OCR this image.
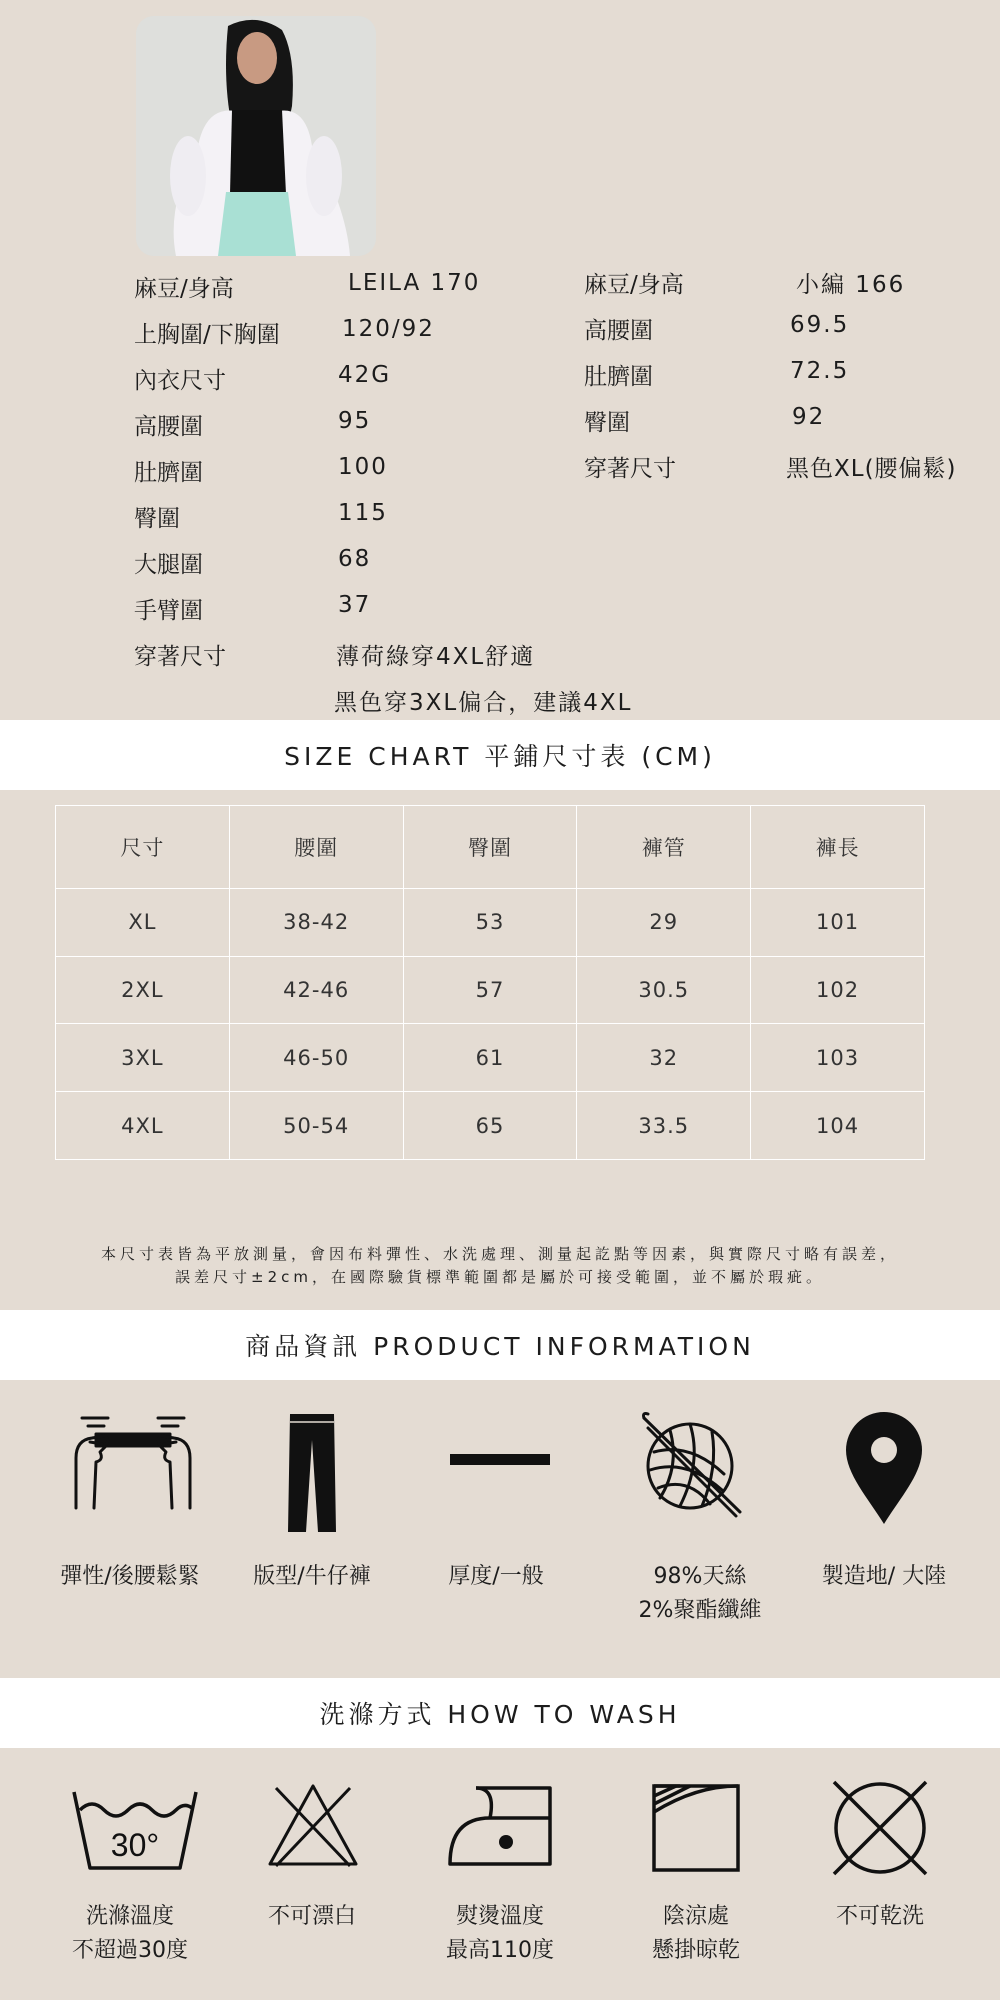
麻豆/身高	LEILA 170
上胸圍/下胸圍	120/92
內衣尺寸	42G
高腰圍	95
肚臍圍	100
臀圍	115
大腿圍	68
手臂圍	37
穿著尺寸	薄荷綠穿4XL舒適
黑色穿3XL偏合，建議4XL
麻豆/身高	小編 166
高腰圍	69.5
肚臍圍	72.5
臀圍	92
穿著尺寸	黑色XL(腰偏鬆)
SIZE CHART 平鋪尺寸表 (CM)
尺寸	腰圍	臀圍	褲管	褲長
XL	38-42	53	29	101
2XL	42-46	57	30.5	102
3XL	46-50	61	32	103
4XL	50-54	65	33.5	104
本尺寸表皆為平放測量，會因布料彈性、水洗處理、測量起訖點等因素，與實際尺寸略有誤差，
誤差尺寸±2cm，在國際驗貨標準範圍都是屬於可接受範圍，並不屬於瑕疵。
商品資訊 PRODUCT INFORMATION
彈性/後腰鬆緊	版型/牛仔褲	厚度/一般	98%天絲
2%聚酯纖維
製造地/ 大陸
洗滌方式 HOW TO WASH
30°
洗滌溫度
不超過30度
不可漂白	熨燙溫度
最高110度
陰涼處
懸掛晾乾
不可乾洗
